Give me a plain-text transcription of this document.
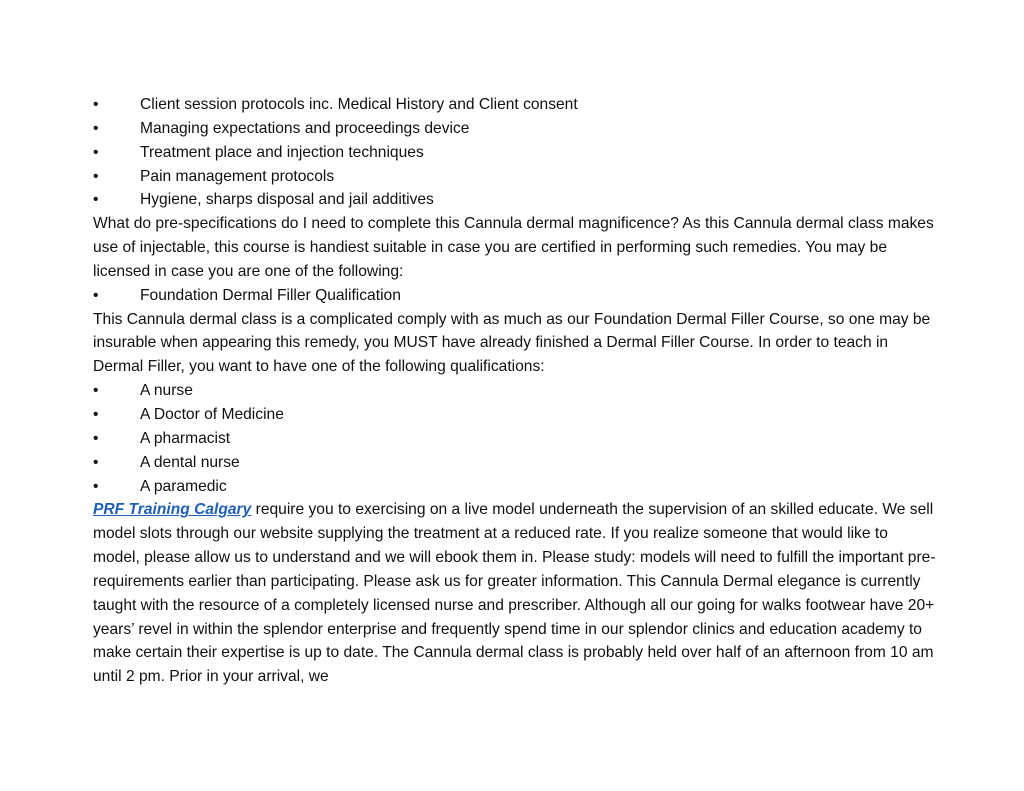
•	Client session protocols inc. Medical History and Client consent
•	Managing expectations and proceedings device
•	Treatment place and injection techniques
•	Pain management protocols
•	Hygiene, sharps disposal and jail additives

What do pre-specifications do I need to complete this Cannula dermal magnificence? As this Cannula dermal class makes use of injectable, this course is handiest suitable in case you are certified in performing such remedies. You may be licensed in case you are one of the following:

•	Foundation Dermal Filler Qualification

This Cannula dermal class is a complicated comply with as much as our Foundation Dermal Filler Course, so one may be insurable when appearing this remedy, you MUST have already finished a Dermal Filler Course. In order to teach in Dermal Filler, you want to have one of the following qualifications:

•	A nurse
•	A Doctor of Medicine
•	A pharmacist
•	A dental nurse
•	A paramedic

PRF Training Calgary require you to exercising on a live model underneath the supervision of an skilled educate. We sell model slots through our website supplying the treatment at a reduced rate. If you realize someone that would like to model, please allow us to understand and we will ebook them in. Please study: models will need to fulfill the important pre-requirements earlier than participating. Please ask us for greater information. This Cannula Dermal elegance is currently taught with the resource of a completely licensed nurse and prescriber. Although all our going for walks footwear have 20+ years’ revel in within the splendor enterprise and frequently spend time in our splendor clinics and education academy to make certain their expertise is up to date. The Cannula dermal class is probably held over half of an afternoon from 10 am until 2 pm. Prior in your arrival, we
